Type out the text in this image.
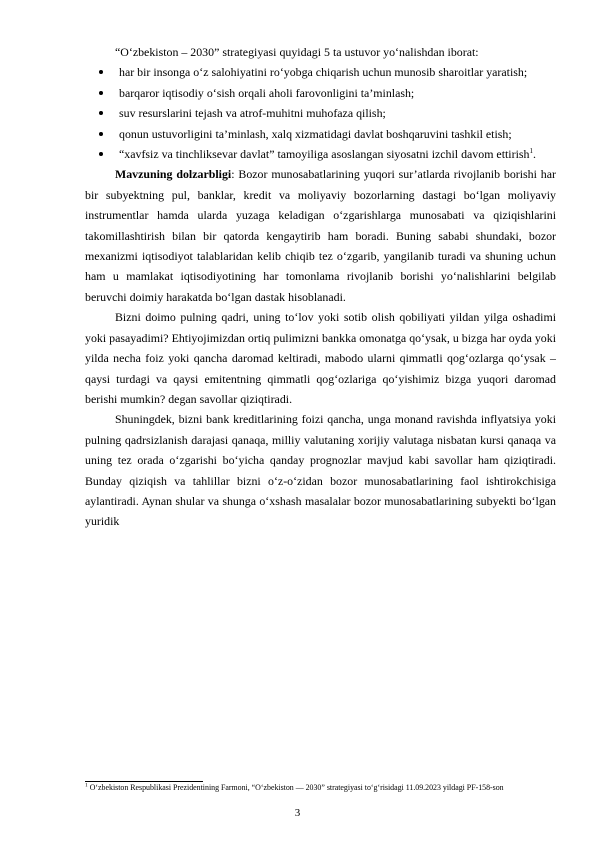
“O‘zbekiston – 2030” strategiyasi quyidagi 5 ta ustuvor yo‘nalishdan iborat:

har bir insonga o‘z salohiyatini ro‘yobga chiqarish uchun munosib sharoitlar yaratish;
barqaror iqtisodiy o‘sish orqali aholi farovonligini ta’minlash;
suv resurslarini tejash va atrof-muhitni muhofaza qilish;
qonun ustuvorligini ta’minlash, xalq xizmatidagi davlat boshqaruvini tashkil etish;
“xavfsiz va tinchliksevar davlat” tamoyiliga asoslangan siyosatni izchil davom ettirish$^1$.

Mavzuning dolzarbligi: Bozor munosabatlarining yuqori sur’atlarda rivojlanib borishi har bir subyektning pul, banklar, kredit va moliyaviy bozorlarning dastagi bo‘lgan moliyaviy instrumentlar hamda ularda yuzaga keladigan o‘zgarishlarga munosabati va qiziqishlarini takomillashtirish bilan bir qatorda kengaytirib ham boradi. Buning sababi shundaki, bozor mexanizmi iqtisodiyot talablaridan kelib chiqib tez o‘zgarib, yangilanib turadi va shuning uchun ham u mamlakat iqtisodiyotining har tomonlama rivojlanib borishi yo‘nalishlarini belgilab beruvchi doimiy harakatda bo‘lgan dastak hisoblanadi.

Bizni doimo pulning qadri, uning to‘lov yoki sotib olish qobiliyati yildan yilga oshadimi yoki pasayadimi? Ehtiyojimizdan ortiq pulimizni bankka omonatga qo‘ysak, u bizga har oyda yoki yilda necha foiz yoki qancha daromad keltiradi, mabodo ularni qimmatli qog‘ozlarga qo‘ysak – qaysi turdagi va qaysi emitentning qimmatli qog‘ozlariga qo‘yishimiz bizga yuqori daromad berishi mumkin? degan savollar qiziqtiradi.

Shuningdek, bizni bank kreditlarining foizi qancha, unga monand ravishda inflyatsiya yoki pulning qadrsizlanish darajasi qanaqa, milliy valutaning xorijiy valutaga nisbatan kursi qanaqa va uning tez orada o‘zgarishi bo‘yicha qanday prognozlar mavjud kabi savollar ham qiziqtiradi. Bunday qiziqish va tahlillar bizni o‘z-o‘zidan bozor munosabatlarining faol ishtirokchisiga aylantiradi. Aynan shular va shunga o‘xshash masalalar bozor munosabatlarining subyekti bo‘lgan yuridik

$^1$ O‘zbekiston Respublikasi Prezidentining Farmoni, “O‘zbekiston — 2030” strategiyasi to‘g‘risidagi 11.09.2023 yildagi PF-158-son
3
